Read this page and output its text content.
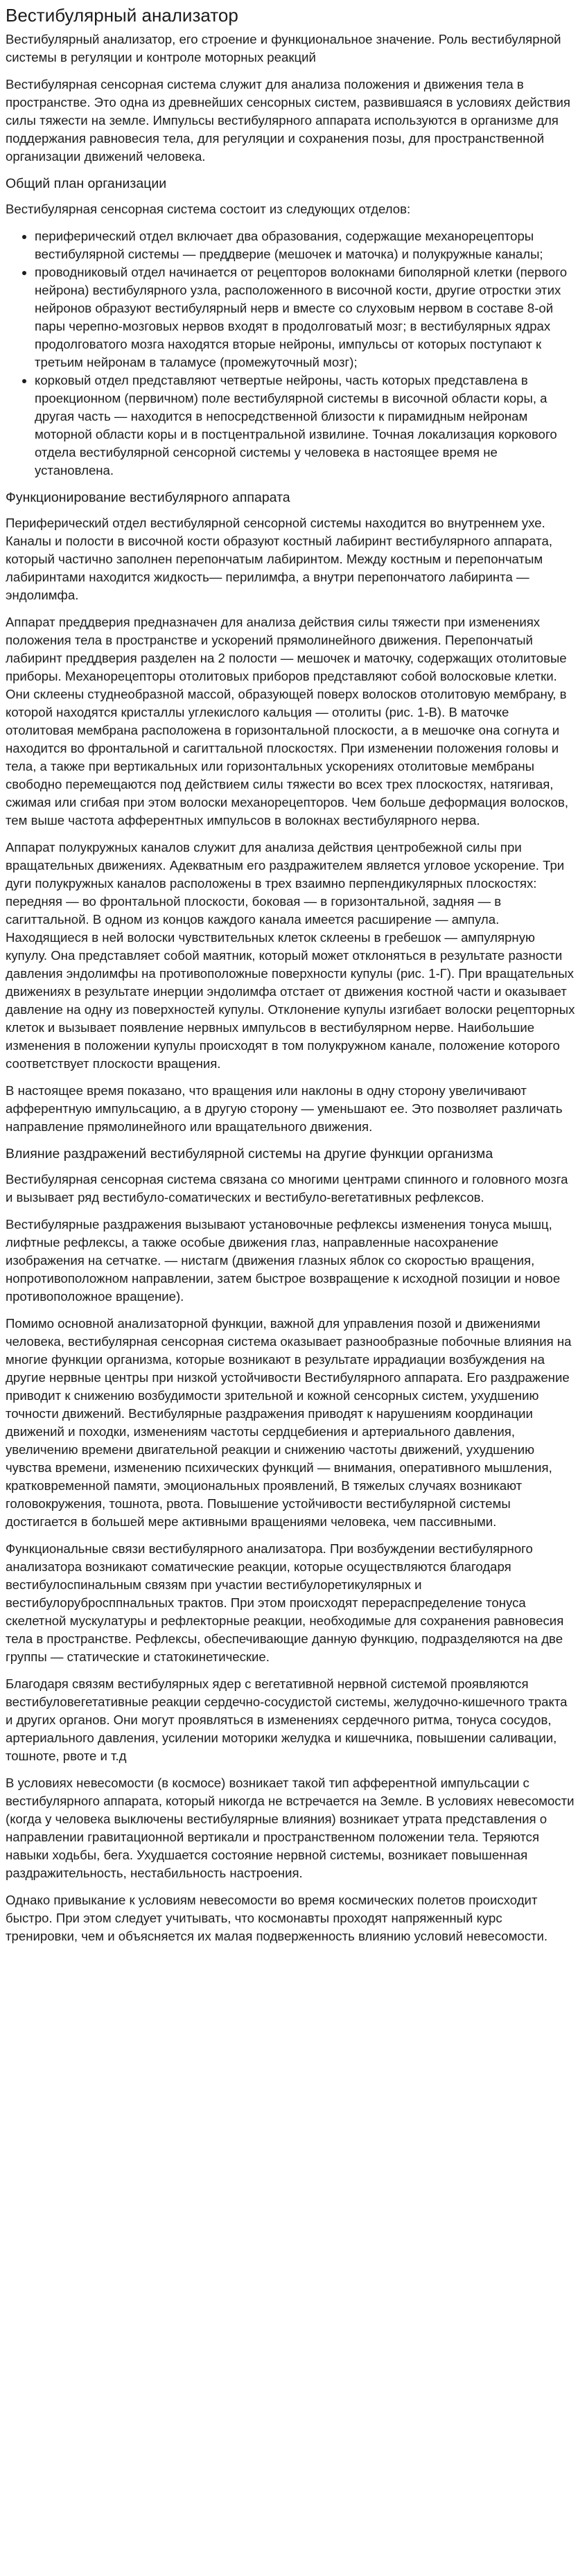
Вестибулярный анализатор

Вестибулярный анализатор, его строение и функциональное значение. Роль вестибулярной системы в регуляции и контроле моторных реакций

Вестибулярная сенсорная система служит для анализа положения и движения тела в пространстве. Это одна из древнейших сенсорных систем, развившаяся в условиях действия силы тяжести на земле. Импульсы вестибулярного аппарата используются в организме для поддержания равновесия тела, для регуляции и сохранения позы, для пространственной организации движений человека.

Общий план организации

Вестибулярная сенсорная система состоит из следующих отделов:

• периферический отдел включает два образования, содержащие механорецепторы вестибулярной системы — преддверие (мешочек и маточка) и полукружные каналы;
• проводниковый отдел начинается от рецепторов волокнами биполярной клетки (первого нейрона) вестибулярного узла, расположенного в височной кости, другие отростки этих нейронов образуют вестибулярный нерв и вместе со слуховым нервом в составе 8-ой пары черепно-мозговых нервов входят в продолговатый мозг; в вестибулярных ядрах продолговатого мозга находятся вторые нейроны, импульсы от которых поступают к третьим нейронам в таламусе (промежуточный мозг);
• корковый отдел представляют четвертые нейроны, часть которых представлена в проекционном (первичном) поле вестибулярной системы в височной области коры, а другая часть — находится в непосредственной близости к пирамидным нейронам моторной области коры и в постцентральной извилине. Точная локализация коркового отдела вестибулярной сенсорной системы у человека в настоящее время не установлена.
Функционирование вестибулярного аппарата

Периферический отдел вестибулярной сенсорной системы находится во внутреннем ухе. Каналы и полости в височной кости образуют костный лабиринт вестибулярного аппарата, который частично заполнен перепончатым лабиринтом. Между костным и перепончатым лабиринтами находится жидкость— перилимфа, а внутри перепончатого лабиринта — эндолимфа.

Аппарат преддверия предназначен для анализа действия силы тяжести при изменениях положения тела в пространстве и ускорений прямолинейного движения. Перепончатый лабиринт преддверия разделен на 2 полости — мешочек и маточку, содержащих отолитовые приборы. Механорецепторы отолитовых приборов представляют собой волосковые клетки. Они склеены студнеобразной массой, образующей поверх волосков отолитовую мембрану, в которой находятся кристаллы углекислого кальция — отолиты (рис. 1-В). В маточке отолитовая мембрана расположена в горизонтальной плоскости, а в мешочке она согнута и находится во фронтальной и сагиттальной плоскостях. При изменении положения головы и тела, а также при вертикальных или горизонтальных ускорениях отолитовые мембраны свободно перемещаются под действием силы тяжести во всех трех плоскостях, натягивая, сжимая или сгибая при этом волоски механорецепторов. Чем больше деформация волосков, тем выше частота афферентных импульсов в волокнах вестибулярного нерва.

Аппарат полукружных каналов служит для анализа действия центробежной силы при вращательных движениях. Адекватным его раздражителем является угловое ускорение. Три дуги полукружных каналов расположены в трех взаимно перпендикулярных плоскостях: передняя — во фронтальной плоскости, боковая — в горизонтальной, задняя — в сагиттальной. В одном из концов каждого канала имеется расширение — ампула. Находящиеся в ней волоски чувствительных клеток склеены в гребешок — ампулярную купулу. Она представляет собой маятник, который может отклоняться в результате разности давления эндолимфы на противоположные поверхности купулы (рис. 1-Г). При вращательных движениях в результате инерции эндолимфа отстает от движения костной части и оказывает давление на одну из поверхностей купулы. Отклонение купулы изгибает волоски рецепторных клеток и вызывает появление нервных импульсов в вестибулярном нерве. Наибольшие изменения в положении купулы происходят в том полукружном канале, положение которого соответствует плоскости вращения.

В настоящее время показано, что вращения или наклоны в одну сторону увеличивают афферентную импульсацию, а в другую сторону — уменьшают ее. Это позволяет различать направление прямолинейного или вращательного движения.

Влияние раздражений вестибулярной системы на другие функции организма

Вестибулярная сенсорная система связана со многими центрами спинного и головного мозга и вызывает ряд вестибуло-соматических и вестибуло-вегетативных рефлексов.

Вестибулярные раздражения вызывают установочные рефлексы изменения тонуса мышц, лифтные рефлексы, а также особые движения глаз, направленные насохранение изображения на сетчатке. — нистагм (движения глазных яблок со скоростью вращения, нопротивоположном направлении, затем быстрое возвращение к исходной позиции и новое противоположное вращение).

Помимо основной анализаторной функции, важной для управления позой и движениями человека, вестибулярная сенсорная система оказывает разнообразные побочные влияния на многие функции организма, которые возникают в результате иррадиации возбуждения на другие нервные центры при низкой устойчивости Вестибулярного аппарата. Его раздражение приводит к снижению возбудимости зрительной и кожной сенсорных систем, ухудшению точности движений. Вестибулярные раздражения приводят к нарушениям координации движений и походки, изменениям частоты сердцебиения и артериального давления, увеличению времени двигательной реакции и снижению частоты движений, ухудшению чувства времени, изменению психических функций — внимания, оперативного мышления, кратковременной памяти, эмоциональных проявлений, В тяжелых случаях возникают головокружения, тошнота, рвота. Повышение устойчивости вестибулярной системы достигается в большей мере активными вращениями человека, чем пассивными.

Функциональные связи вестибулярного анализатора. При возбуждении вестибулярного анализатора возникают соматические реакции, которые осуществляются благодаря вестибулоспинальным связям при участии вестибулоретикулярных и вестибулорубросппнальных трактов. При этом происходят перераспределение тонуса скелетной мускулатуры и рефлекторные реакции, необходимые для сохранения равновесия тела в пространстве. Рефлексы, обеспечивающие данную функцию, подразделяются на две группы — статические и статокинетические.

Благодаря связям вестибулярных ядер с вегетативной нервной системой проявляются вестибуловегетативные реакции сердечно-сосудистой системы, желудочно-кишечного тракта и других органов. Они могут проявляться в изменениях сердечного ритма, тонуса сосудов, артериального давления, усилении моторики желудка и кишечника, повышении саливации, тошноте, рвоте и т.д

В условиях невесомости (в космосе) возникает такой тип афферентной импульсации с вестибулярного аппарата, который никогда не встречается на Земле. В условиях невесомости (когда у человека выключены вестибулярные влияния) возникает утрата представления о направлении гравитационной вертикали и пространственном положении тела. Теряются навыки ходьбы, бега. Ухудшается состояние нервной системы, возникает повышенная раздражительность, нестабильность настроения.

Однако привыкание к условиям невесомости во время космических полетов происходит быстро. При этом следует учитывать, что космонавты проходят напряженный курс тренировки, чем и объясняется их малая подверженность влиянию условий невесомости.
